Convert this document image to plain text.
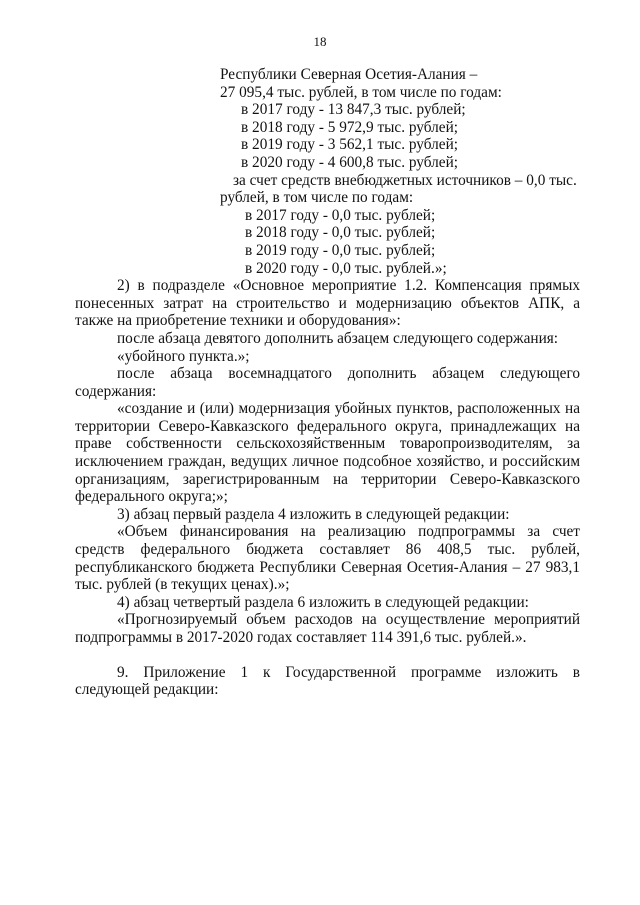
18
Республики Северная Осетия-Алания –
27 095,4 тыс. рублей, в том числе по годам:
в 2017 году - 13 847,3 тыс. рублей;
в 2018 году - 5 972,9 тыс. рублей;
в 2019 году - 3 562,1 тыс. рублей;
в 2020 году - 4 600,8 тыс. рублей;
за счет средств внебюджетных источников – 0,0 тыс.
рублей, в том числе по годам:
в 2017 году - 0,0 тыс. рублей;
в 2018 году - 0,0 тыс. рублей;
в 2019 году - 0,0 тыс. рублей;
в 2020 году - 0,0 тыс. рублей.»;

2) в подразделе «Основное мероприятие 1.2. Компенсация прямых понесенных затрат на строительство и модернизацию объектов АПК, а также на приобретение техники и оборудования»:

после абзаца девятого дополнить абзацем следующего содержания:

«убойного пункта.»;

после абзаца восемнадцатого дополнить абзацем следующего содержания:

«создание и (или) модернизация убойных пунктов, расположенных на территории Северо-Кавказского федерального округа, принадлежащих на праве собственности сельскохозяйственным товаропроизводителям, за исключением граждан, ведущих личное подсобное хозяйство, и российским организациям, зарегистрированным на территории Северо-Кавказского федерального округа;»;

3) абзац первый раздела 4 изложить в следующей редакции:

«Объем финансирования на реализацию подпрограммы за счет средств федерального бюджета составляет 86 408,5 тыс. рублей, республиканского бюджета Республики Северная Осетия-Алания – 27 983,1 тыс. рублей (в текущих ценах).»;

4) абзац четвертый раздела 6 изложить в следующей редакции:

«Прогнозируемый объем расходов на осуществление мероприятий подпрограммы в 2017-2020 годах составляет 114 391,6 тыс. рублей.».

9. Приложение 1 к Государственной программе изложить в следующей редакции:
